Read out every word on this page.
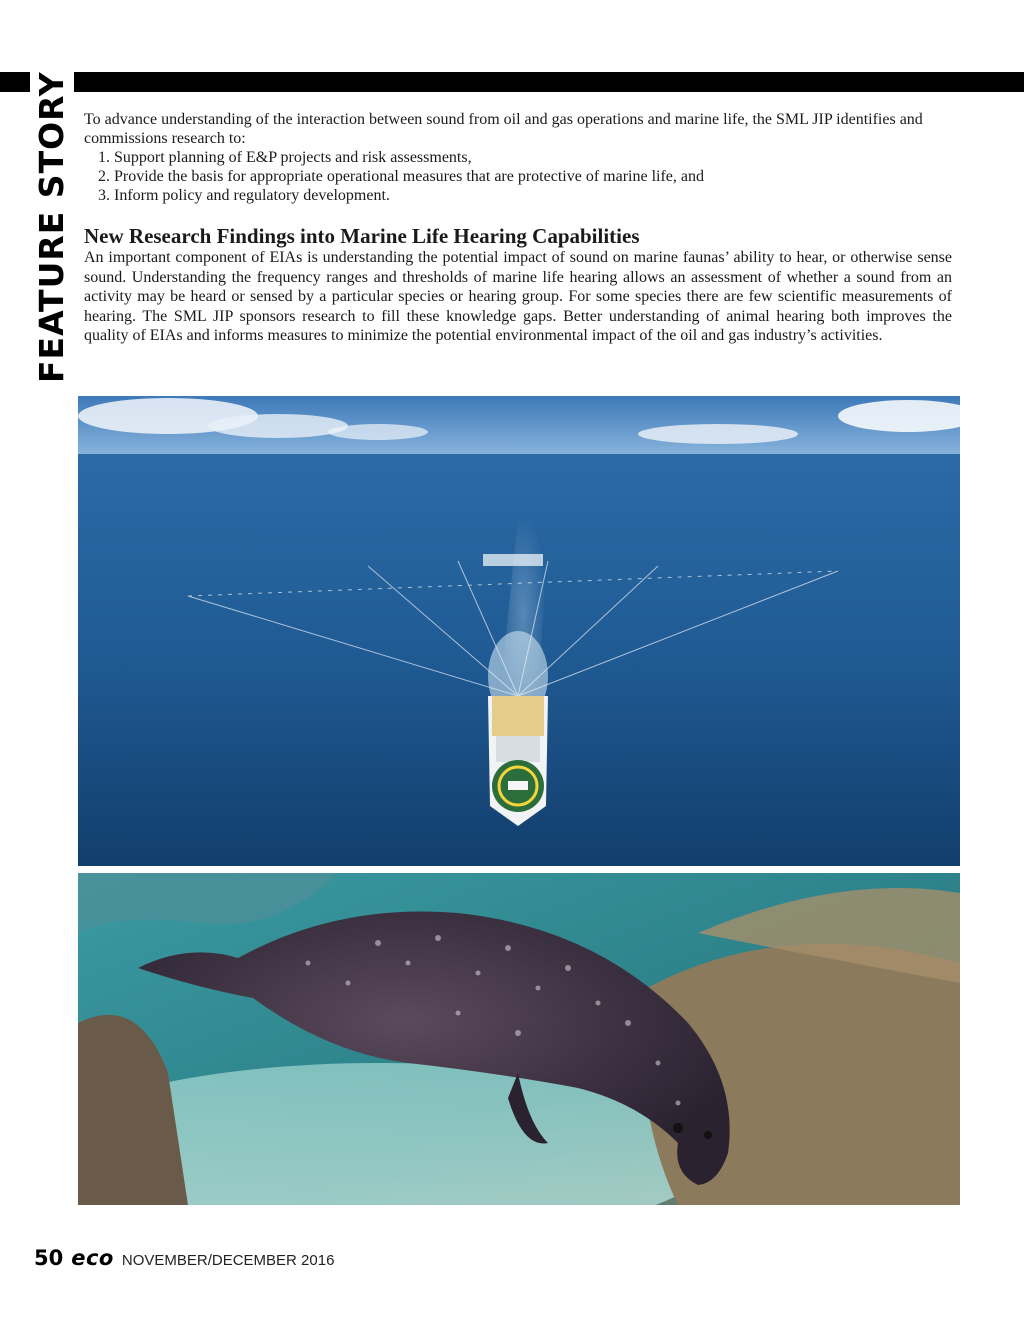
FEATURE STORY To advance understanding of the interaction between sound from oil and gas operations and marine life, the SML JIP identifies and commissions research to:

1. Support planning of E&P projects and risk assessments,
2. Provide the basis for appropriate operational measures that are protective of marine life, and
3. Inform policy and regulatory development.
New Research Findings into Marine Life Hearing Capabilities

An important component of EIAs is understanding the potential impact of sound on marine faunas’ ability to hear, or otherwise sense sound. Understanding the frequency ranges and thresholds of marine life hearing allows an assessment of whether a sound from an activity may be heard or sensed by a particular species or hearing group. For some species there are few scientific measurements of hearing. The SML JIP sponsors research to fill these knowledge gaps. Better understanding of animal hearing both improves the quality of EIAs and informs measures to minimize the potential environmental impact of the oil and gas industry’s activities.

50 eco NOVEMBER/DECEMBER 2016
